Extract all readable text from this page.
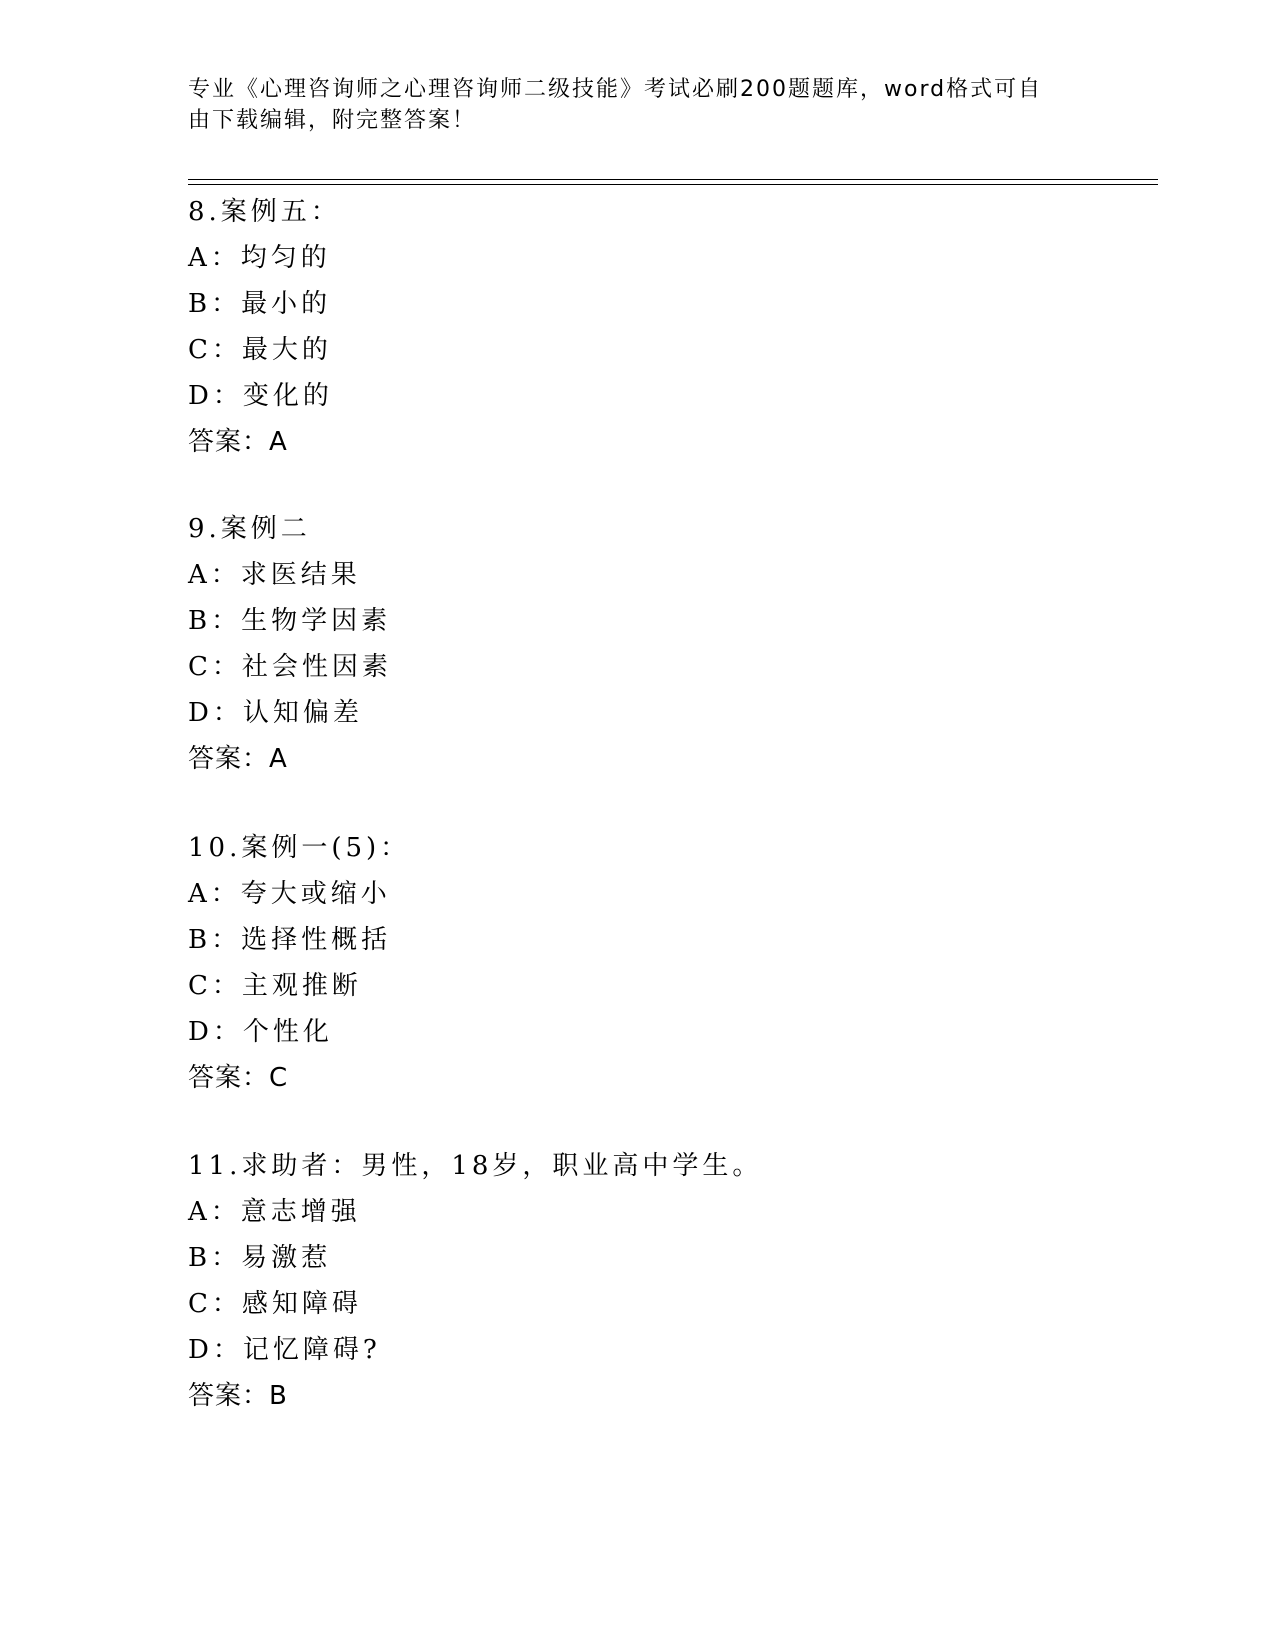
专业《心理咨询师之心理咨询师二级技能》考试必刷200题题库，word格式可自
由下载编辑，附完整答案！
8.案例五：
A：均匀的
B：最小的
C：最大的
D：变化的
答案：A
9.案例二
A：求医结果
B：生物学因素
C：社会性因素
D：认知偏差
答案：A
10.案例一(5)：
A：夸大或缩小
B：选择性概括
C：主观推断
D：个性化
答案：C
11.求助者：男性，18岁，职业高中学生。
A：意志增强
B：易激惹
C：感知障碍
D：记忆障碍?
答案：B
